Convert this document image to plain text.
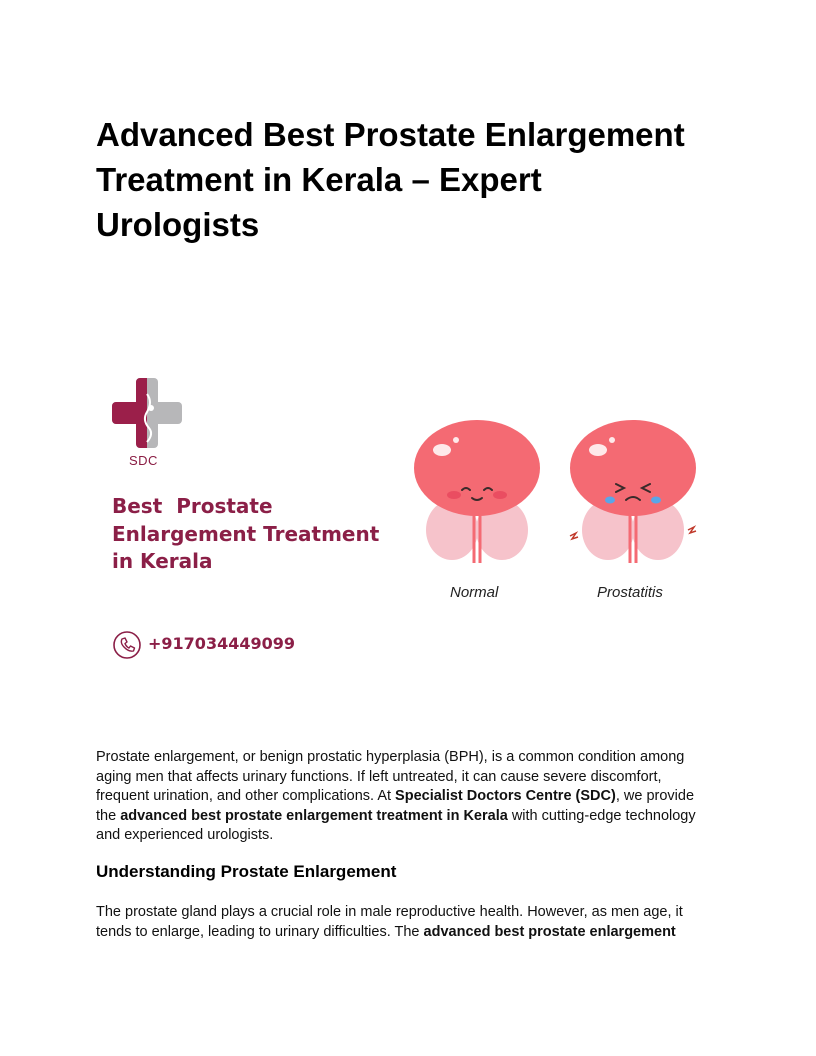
Advanced Best Prostate Enlargement
Treatment in Kerala – Expert
Urologists
SDC
Best  Prostate
Enlargement Treatment
in Kerala
+917034449099
Normal	Prostatitis

Prostate enlargement, or benign prostatic hyperplasia (BPH), is a common condition among
aging men that affects urinary functions. If left untreated, it can cause severe discomfort,
frequent urination, and other complications. At Specialist Doctors Centre (SDC), we provide
the advanced best prostate enlargement treatment in Kerala with cutting-edge technology
and experienced urologists.

Understanding Prostate Enlargement

The prostate gland plays a crucial role in male reproductive health. However, as men age, it
tends to enlarge, leading to urinary difficulties. The advanced best prostate enlargement
